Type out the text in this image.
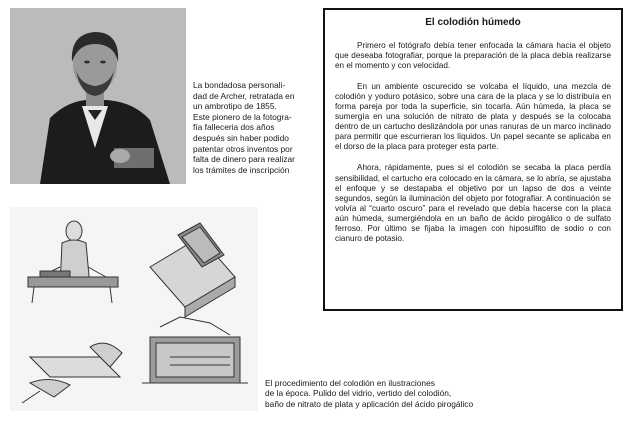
La bondadosa personali-
dad de Archer, retratada en
un ambrotipo de 1855.
Este pionero de la fotogra-
fía falleceria dos años
después sin haber podido
patentar otros inventos por
falta de dinero para realizar
los trámites de inscripción
El colodión húmedo

Primero el fotógrafo debía tener enfocada la cámara hacia el objeto que deseaba fotografiar, porque la preparación de la placa debía realizarse en el momento y con velocidad.

En un ambiente oscurecido se volcaba el líquido, una mezcla de colodión y yoduro potásico, sobre una cara de la placa y se lo distribuía en forma pareja por toda la superficie, sin tocarla. Aún húmeda, la placa se sumergía en una solución de nitrato de plata y después se la colocaba dentro de un cartucho deslizándola por unas ranuras de un marco inclinado para permitir que escurrieran los líquidos. Un papel secante se aplicaba en el dorso de la placa para proteger esta parte.

Ahora, rápidamente, pues si el colodión se secaba la placa perdía sensibilidad, el cartucho era colocado en la cámara, se lo abría, se ajustaba el enfoque y se destapaba el objetivo por un lapso de dos a veinte segundos, según la iluminación del objeto por fotografiar. A continuación se volvía al “cuarto oscuro” para el revelado que debía hacerse con la placa aún húmeda, sumergiéndola en un baño de ácido pirogálico o de sulfato ferroso. Por último se fijaba la imagen con hiposulfito de sodio o con cianuro de potasio.

El procedimiento del colodión en ilustraciones
de la época. Pulido del vidrio, vertido del colodión,
baño de nitrato de plata y aplicación del ácido pirogálico
